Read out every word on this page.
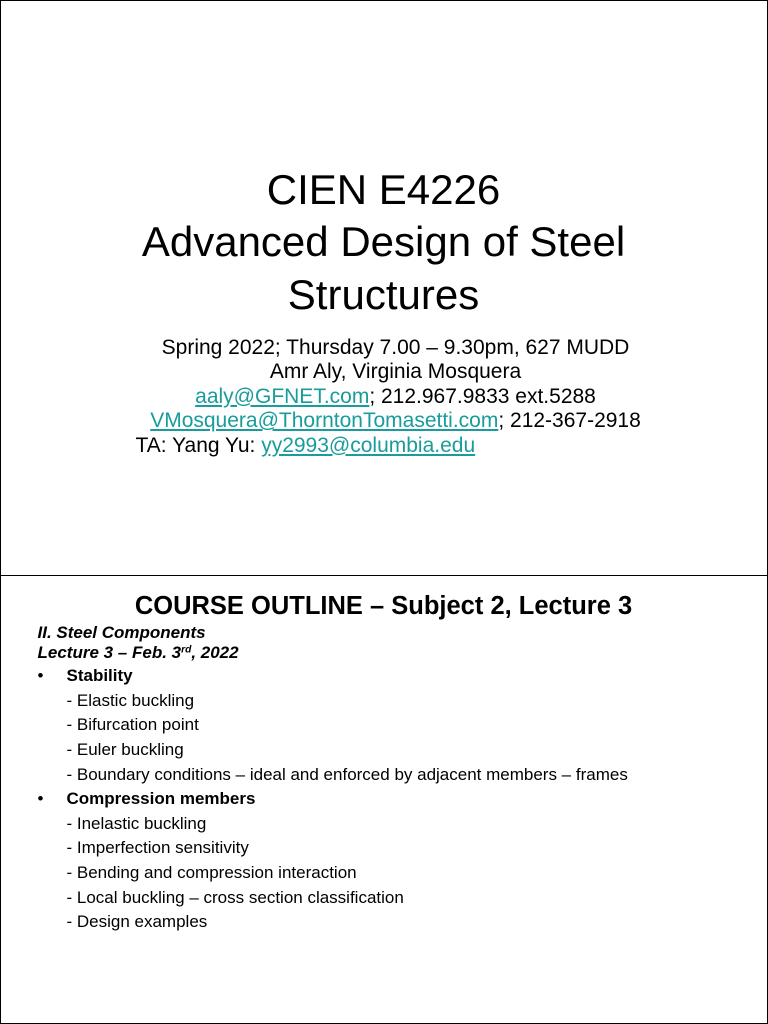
CIEN E4226
Advanced Design of Steel
Structures
Spring 2022; Thursday 7.00 – 9.30pm, 627 MUDD
Amr Aly, Virginia Mosquera
aaly@GFNET.com; 212.967.9833 ext.5288
VMosquera@ThorntonTomasetti.com; 212-367-2918
TA: Yang Yu: yy2993@columbia.edu
COURSE OUTLINE – Subject 2, Lecture 3
II. Steel Components
Lecture 3 – Feb. 3rd, 2022
• Stability
- Elastic buckling
- Bifurcation point
- Euler buckling
- Boundary conditions – ideal and enforced by adjacent members – frames
• Compression members
- Inelastic buckling
- Imperfection sensitivity
- Bending and compression interaction
- Local buckling – cross section classification
- Design examples
